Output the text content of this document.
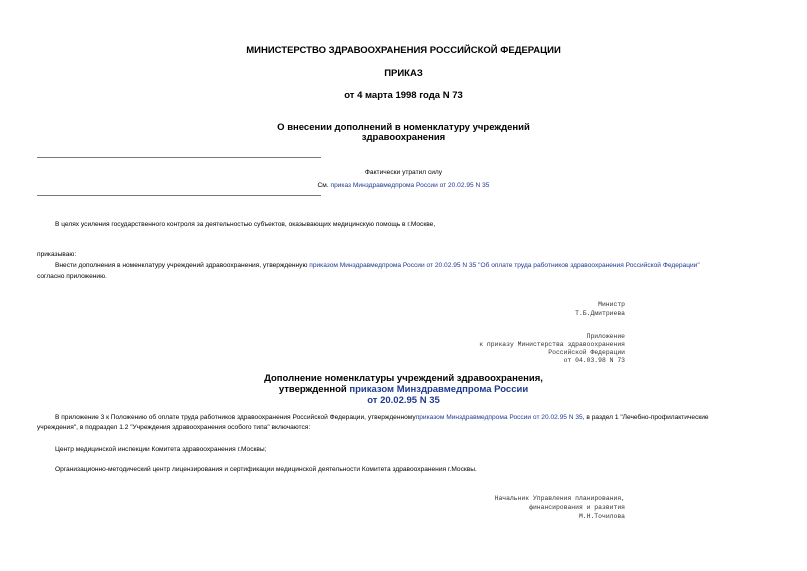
МИНИСТЕРСТВО ЗДРАВООХРАНЕНИЯ РОССИЙСКОЙ ФЕДЕРАЦИИ
ПРИКАЗ
от 4 марта 1998 года N 73
О внесении дополнений в номенклатуру учреждений
здравоохранения
Фактически утратил силу
См. приказ Минздравмедпрома России от 20.02.95 N 35
В целях усиления государственного контроля за деятельностью субъектов, оказывающих медицинскую помощь в г.Москве,
приказываю:
Внести дополнения в номенклатуру учреждений здравоохранения, утвержденную приказом Минздравмедпрома России от 20.02.95 N 35 "Об оплате труда работников здравоохранения Российской Федерации"
согласно приложению.
Министр
Т.Б.Дмитриева
Приложение
к приказу Министерства здравоохранения
Российской Федерации
от 04.03.98 N 73
Дополнение номенклатуры учреждений здравоохранения,
утвержденной приказом Минздравмедпрома России
от 20.02.95 N 35
В приложение 3 к Положению об оплате труда работников здравоохранения Российской Федерации, утвержденномуприказом Минздравмедпрома России от 20.02.95 N 35, в раздел 1 "Лечебно-профилактические
учреждения", в подраздел 1.2 "Учреждения здравоохранения особого типа" включаются:
Центр медицинской инспекции Комитета здравоохранения г.Москвы;
Организационно-методический центр лицензирования и сертификации медицинской деятельности Комитета здравоохранения г.Москвы.
Начальник Управления планирования,
финансирования и развития
М.Н.Точилова
